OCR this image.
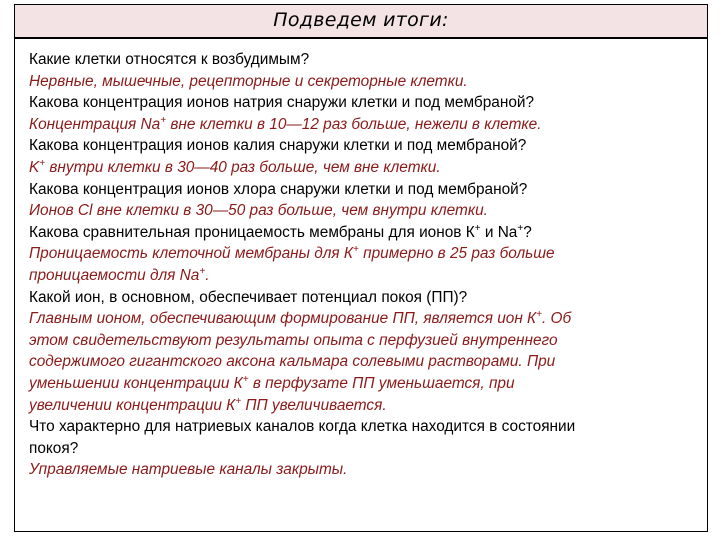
Подведем итоги:
Какие клетки относятся к возбудимым?
Нервные, мышечные, рецепторные и секреторные клетки.
Какова концентрация ионов натрия снаружи клетки и под мембраной?
Концентрация Na+ вне клетки в 10—12 раз больше, нежели в клетке.
Какова концентрация ионов калия снаружи клетки и под мембраной?
K+ внутри клетки в 30—40 раз больше, чем вне клетки.
Какова концентрация ионов хлора снаружи клетки и под мембраной?
Ионов Cl вне клетки в 30—50 раз больше, чем внутри клетки.
Какова сравнительная проницаемость мембраны для ионов К+ и Na+?
Проницаемость клеточной мембраны для К+ примерно в 25 раз больше
проницаемости для Na+.
Какой ион, в основном, обеспечивает потенциал покоя (ПП)?
Главным ионом, обеспечивающим формирование ПП, является ион К+. Об
этом свидетельствуют результаты опыта с перфузией внутреннего
содержимого гигантского аксона кальмара солевыми растворами. При
уменьшении концентрации К+ в перфузате ПП уменьшается, при
увеличении концентрации К+ ПП увеличивается.
Что характерно для натриевых каналов когда клетка находится в состоянии
покоя?
Управляемые натриевые каналы закрыты.
